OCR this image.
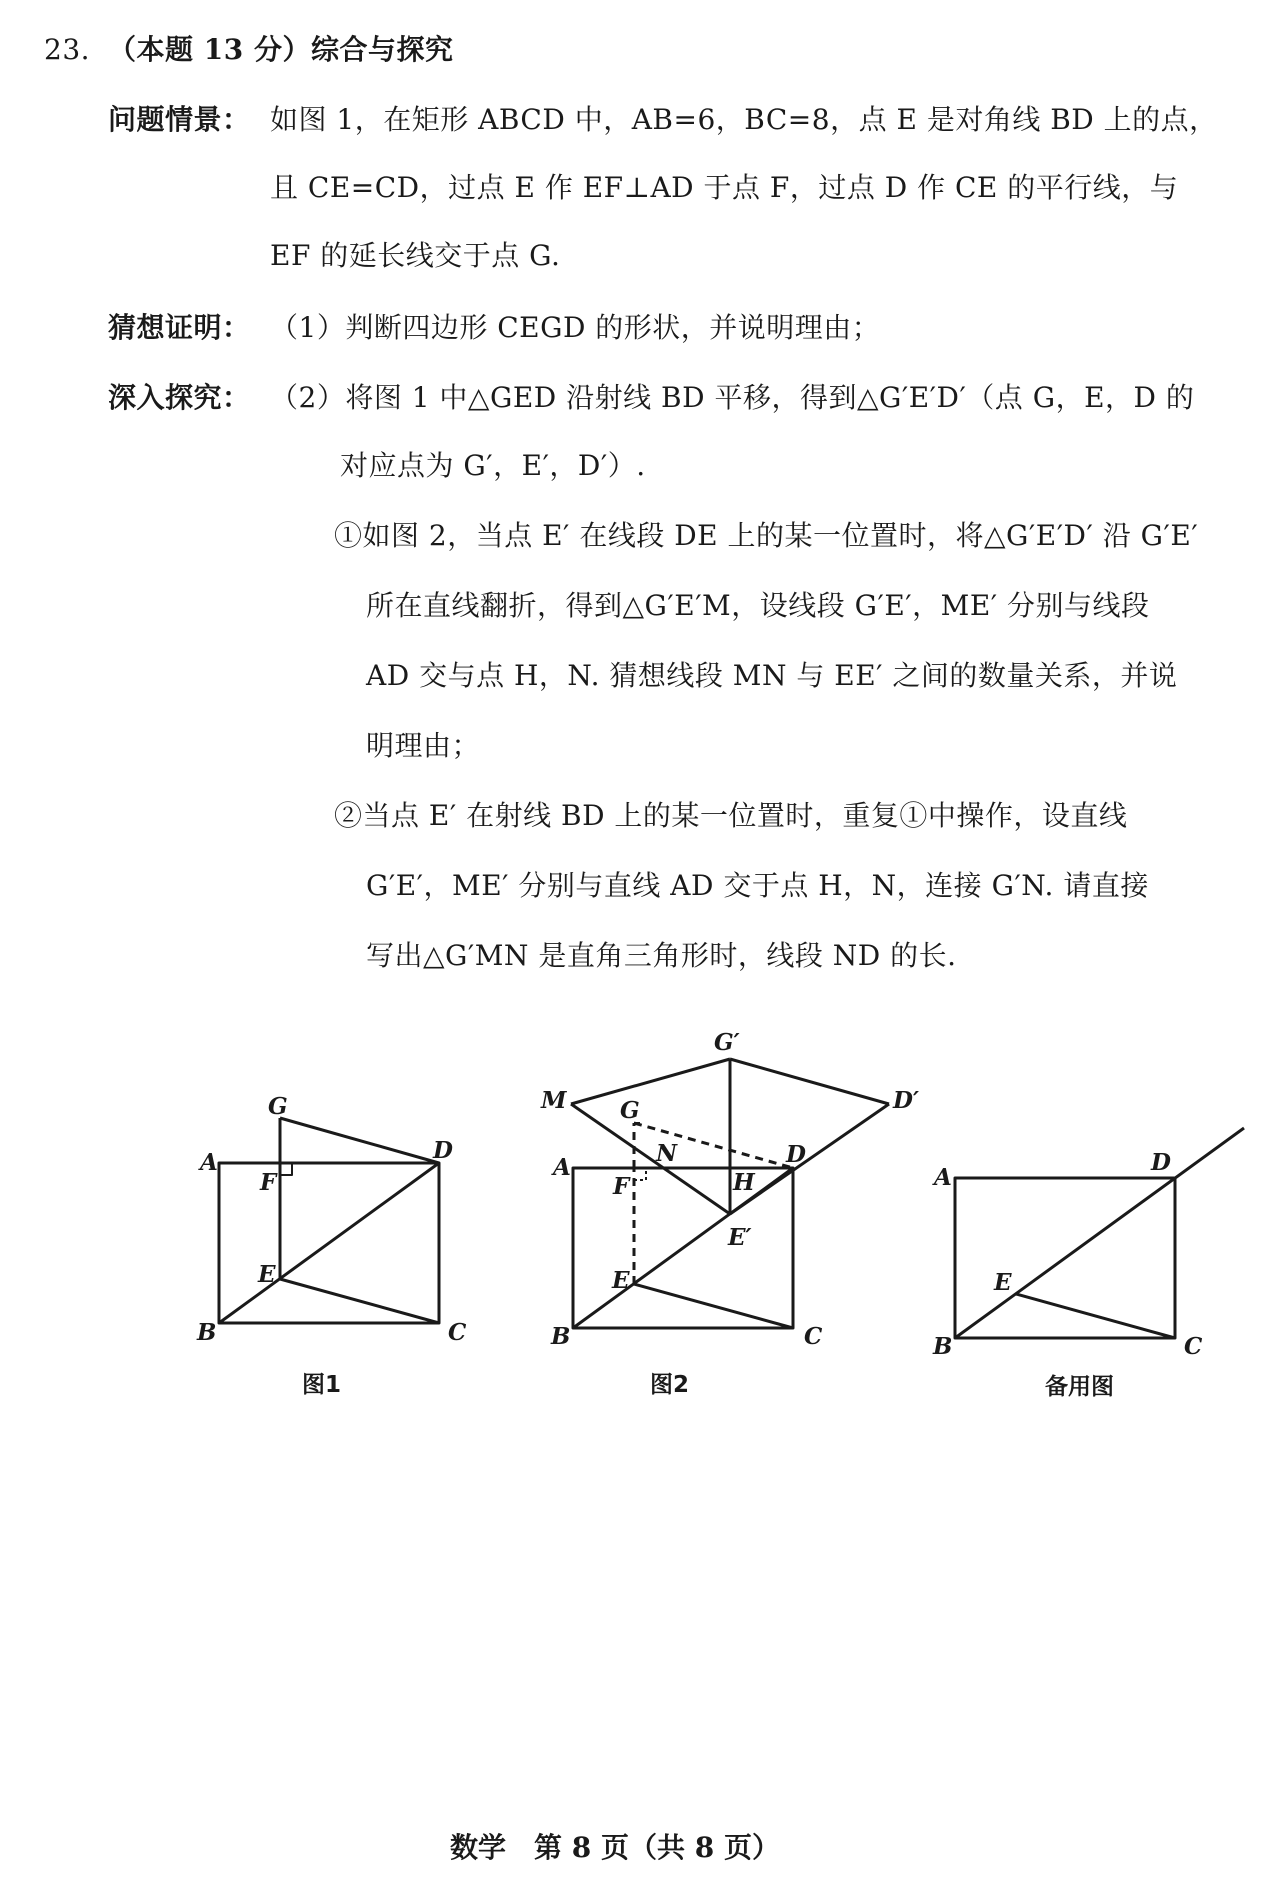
23. （本题 13 分）综合与探究
问题情景： 如图 1，在矩形 ABCD 中，AB=6，BC=8，点 E 是对角线 BD 上的点，
且 CE=CD，过点 E 作 EF⊥AD 于点 F，过点 D 作 CE 的平行线，与
EF 的延长线交于点 G.
猜想证明： （1）判断四边形 CEGD 的形状，并说明理由；
深入探究： （2）将图 1 中△GED 沿射线 BD 平移，得到△G′E′D′（点 G，E，D 的
对应点为 G′，E′，D′）.
①如图 2，当点 E′ 在线段 DE 上的某一位置时，将△G′E′D′ 沿 G′E′
所在直线翻折，得到△G′E′M，设线段 G′E′，ME′ 分别与线段
AD 交与点 H，N. 猜想线段 MN 与 EE′ 之间的数量关系，并说
明理由；
②当点 E′ 在射线 BD 上的某一位置时，重复①中操作，设直线
G′E′，ME′ 分别与直线 AD 交于点 H，N，连接 G′N. 请直接
写出△G′MN 是直角三角形时，线段 ND 的长.
A
B	C
D
E
F
G
图1
A
B	C
D
E
F
G
M
N
H
G′
D′
E′
图2
A
B	C
D
E
备用图
数学　第 8 页（共 8 页）
